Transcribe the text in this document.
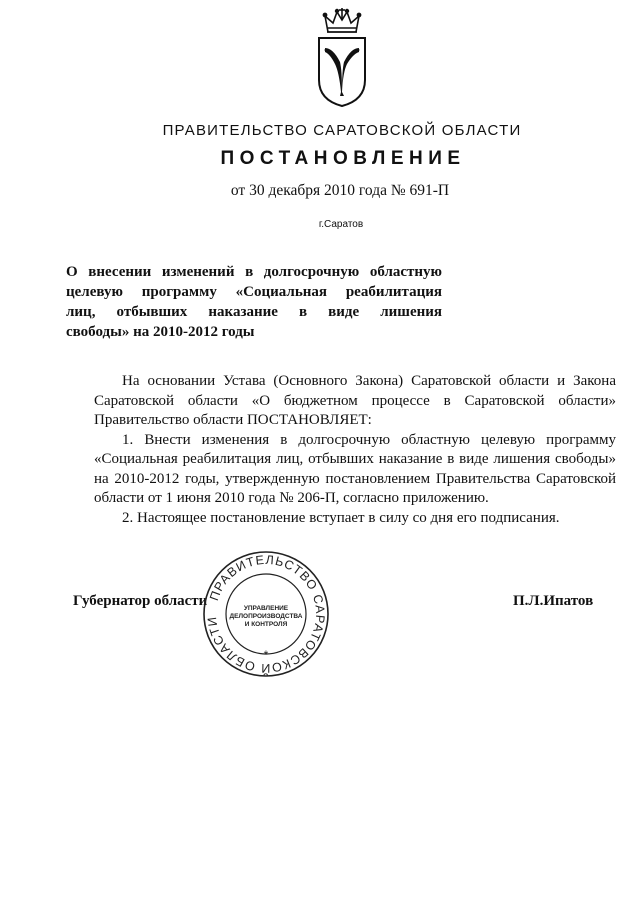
ПРАВИТЕЛЬСТВО САРАТОВСКОЙ ОБЛАСТИ
ПОСТАНОВЛЕНИЕ
от 30 декабря 2010 года № 691-П
г.Саратов
О внесении изменений в долгосрочную областную
целевую программу «Социальная реабилитация
лиц, отбывших наказание в виде лишения
свободы» на 2010-2012 годы

На основании Устава (Основного Закона) Саратовской области и Закона Саратовской области «О бюджетном процессе в Саратовской области» Правительство области ПОСТАНОВЛЯЕТ:

1. Внести изменения в долгосрочную областную целевую программу «Социальная реабилитация лиц, отбывших наказание в виде лишения свободы» на 2010-2012 годы, утвержденную постановлением Правительства Саратовской области от 1 июня 2010 года № 206-П, согласно приложению.

2. Настоящее постановление вступает в силу со дня его подписания.

Губернатор области	П.Л.Ипатов
ПРАВИТЕЛЬСТВО САРАТОВСКОЙ ОБЛАСТИ
УПРАВЛЕНИЕ
ДЕЛОПРОИЗВОДСТВА
И КОНТРОЛЯ
*
